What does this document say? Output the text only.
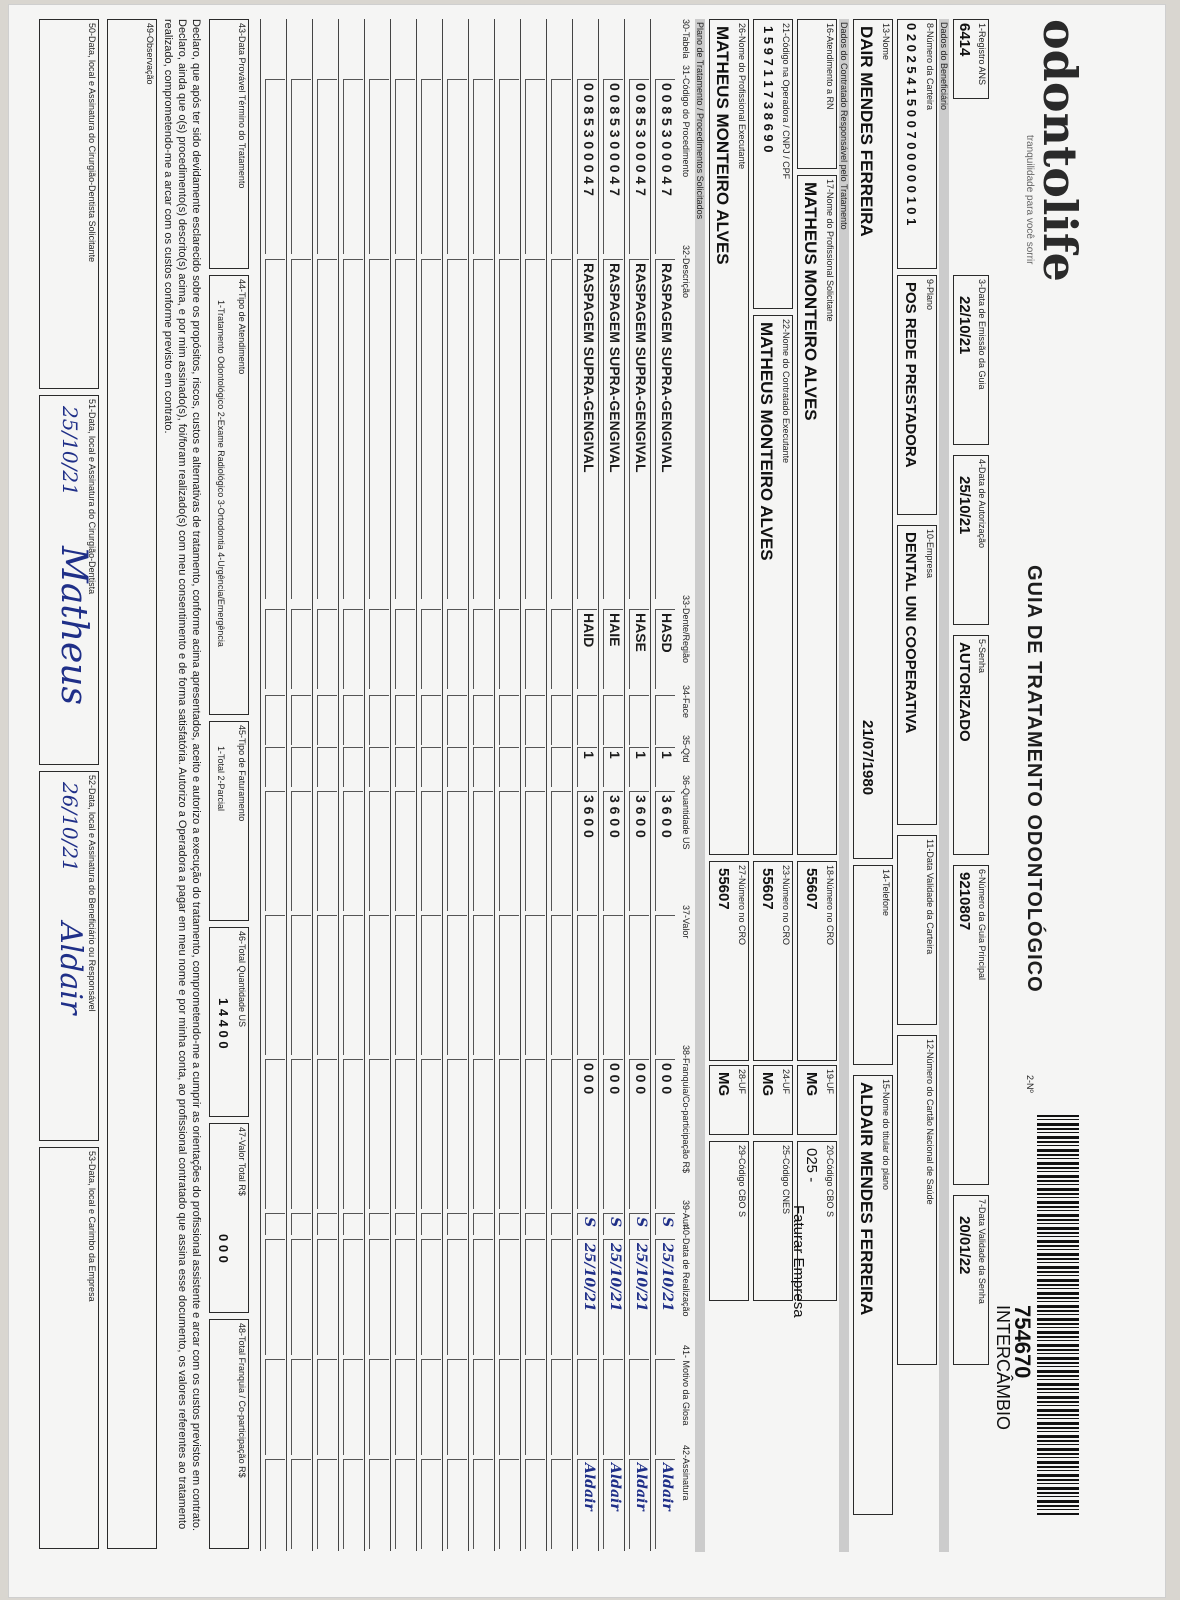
odontolife
tranquilidade para você sorrir
GUIA DE TRATAMENTO ODONTOLÓGICO
2-Nº
754670
INTERCÂMBIO
1-Registro ANS
6414
3-Data de Emissão da Guia
22/10/21
4-Data de Autorização
25/10/21
5-Senha
AUTORIZADO
6-Número da Guia Principal
9210807
7-Data Validade da Senha
20/01/22
Dados do Beneficiário
8-Número da Carteira
0 2 0 2 5 4 1 5 0 0 7 0 0 0 0 0 1 0 1
9-Plano
POS REDE PRESTADORA
10-Empresa
DENTAL UNI COOPERATIVA
11-Data Validade da Carteira
12-Número do Cartão Nacional de Saúde
13-Nome
DAIR MENDES FERREIRA
21/07/1980
14-Telefone
15-Nome do titular do plano
ALDAIR MENDES FERREIRA
Dados do Contratado Responsável pelo Tratamento
16-Atendimento a RN
17-Nome do Profissional Solicitante
MATHEUS MONTEIRO ALVES
18-Número no CRO
55607
19-UF
MG
20-Código CBO S
025 -
Faturar Empresa
21-Código na Operadora / CNPJ / CPF
1 5 9 7 1 1 7 3 8 6 9 0
22-Nome do Contratado Executante
MATHEUS MONTEIRO ALVES
23-Número no CRO
55607
24-UF
MG
25-Código CNES
26-Nome do Profissional Executante
MATHEUS MONTEIRO ALVES
27-Número no CRO
55607
28-UF
MG
29-Código CBO S
Plano de Tratamento / Procedimentos Solicitados
30-Tabela
31-Código do Procedimento
32-Descrição
33-Dente/Região
34-Face
35-Qtd
36-Quantidade US
37-Valor
38-Franquia/Co-participação R$
39-Aut
40-Data de Realização
41- Motivo da Glosa
42-Assinatura
0 0 8 5 3 0 0 0 4 7
RASPAGEM SUPRA-GENGIVAL
HASD
1
3 6 0 0
0 0 0
S
25/10/21
Aldair
0 0 8 5 3 0 0 0 4 7
RASPAGEM SUPRA-GENGIVAL
HASE
1
3 6 0 0
0 0 0
S
25/10/21
Aldair
0 0 8 5 3 0 0 0 4 7
RASPAGEM SUPRA-GENGIVAL
HAIE
1
3 6 0 0
0 0 0
S
25/10/21
Aldair
0 0 8 5 3 0 0 0 4 7
RASPAGEM SUPRA-GENGIVAL
HAID
1
3 6 0 0
0 0 0
S
25/10/21
Aldair
43-Data Provável Término do Tratamento
44-Tipo de Atendimento
1-Tratamento Odontológico 2-Exame Radiológico 3-Ortodontia 4-Urgência/Emergência
45-Tipo de Faturamento
1-Total 2-Parcial
46-Total Quantidade US
1 4 4 0 0
47-Valor Total R$
0 0 0
48-Total Franquia / Co-participação R$
Declaro, que após ter sido devidamente esclarecido sobre os propósitos, riscos, custos e alternativas de tratamento, conforme acima apresentados, aceito e autorizo a execução do tratamento, comprometendo-me a cumprir as orientações do profissional assistente e arcar com os custos previstos em contrato. Declaro, ainda que o(s) procedimento(s) descrito(s) acima, e por mim assinado(s), foi/foram realizado(s) com meu consentimento e de forma satisfatória. Autorizo a Operadora a pagar em meu nome e por minha conta, ao profissional contratado que assina esse documento, os valores referentes ao tratamento realizado, comprometendo-me a arcar com os custos conforme previsto em contrato.
49-Observação
50-Data, local e Assinatura do Cirurgião-Dentista Solicitante
51-Data, local e Assinatura do Cirurgião-Dentista
25/10/21
Matheus
52-Data, local e Assinatura do Beneficiário ou Responsável
26/10/21
Aldair
53-Data, local e Carimbo da Empresa
